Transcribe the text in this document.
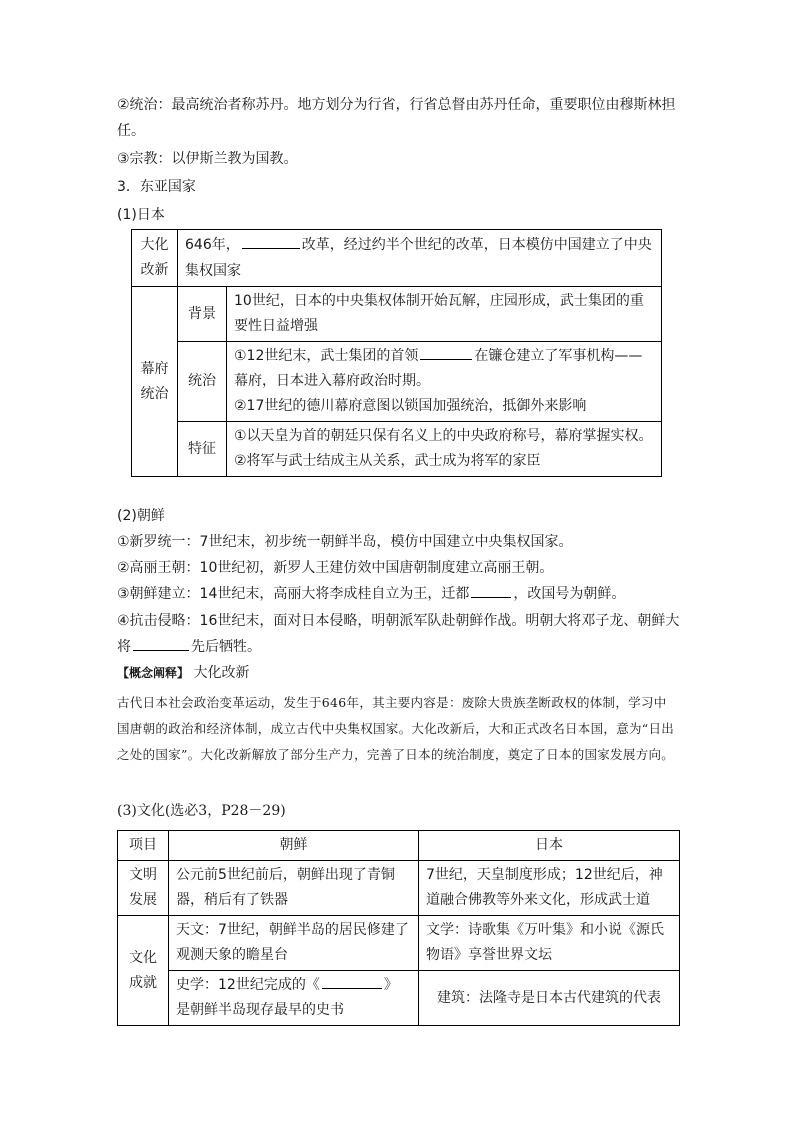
②统治：最高统治者称苏丹。地方划分为行省，行省总督由苏丹任命，重要职位由穆斯林担
任。
③宗教：以伊斯兰教为国教。
3．东亚国家
(1)日本
大化改新	646年， 改革，经过约半个世纪的改革，日本模仿中国建立了中央集权国家	
幕府统治	背景	10世纪，日本的中央集权体制开始瓦解，庄园形成，武士集团的重要性日益增强
	统治	①12世纪末，武士集团的首领 在镰仓建立了军事机构——幕府，日本进入幕府政治时期。
②17世纪的德川幕府意图以锁国加强统治，抵御外来影响
	特征	①以天皇为首的朝廷只保有名义上的中央政府称号，幕府掌握实权。
②将军与武士结成主从关系，武士成为将军的家臣
(2)朝鲜
①新罗统一：7世纪末，初步统一朝鲜半岛，模仿中国建立中央集权国家。
②高丽王朝：10世纪初，新罗人王建仿效中国唐朝制度建立高丽王朝。
③朝鲜建立：14世纪末，高丽大将李成桂自立为王，迁都	，改国号为朝鲜。
④抗击侵略：16世纪末，面对日本侵略，明朝派军队赴朝鲜作战。明朝大将邓子龙、朝鲜大
将	先后牺牲。
【概念阐释】 大化改新

古代日本社会政治变革运动，发生于646年，其主要内容是：废除大贵族垄断政权的体制，学习中国唐朝的政治和经济体制，成立古代中央集权国家。大化改新后，大和正式改名日本国，意为“日出之处的国家”。大化改新解放了部分生产力，完善了日本的统治制度，奠定了日本的国家发展方向。

(3)文化(选必3，P28－29)
项目	朝鲜	日本
文明发展	公元前5世纪前后，朝鲜出现了青铜器，稍后有了铁器	7世纪，天皇制度形成；12世纪后，神道融合佛教等外来文化，形成武士道
文化成就	天文：7世纪，朝鲜半岛的居民修建了观测天象的瞻星台	文学：诗歌集《万叶集》和小说《源氏物语》享誉世界文坛
	史学：12世纪完成的《 》是朝鲜半岛现存最早的史书	建筑：法隆寺是日本古代建筑的代表
